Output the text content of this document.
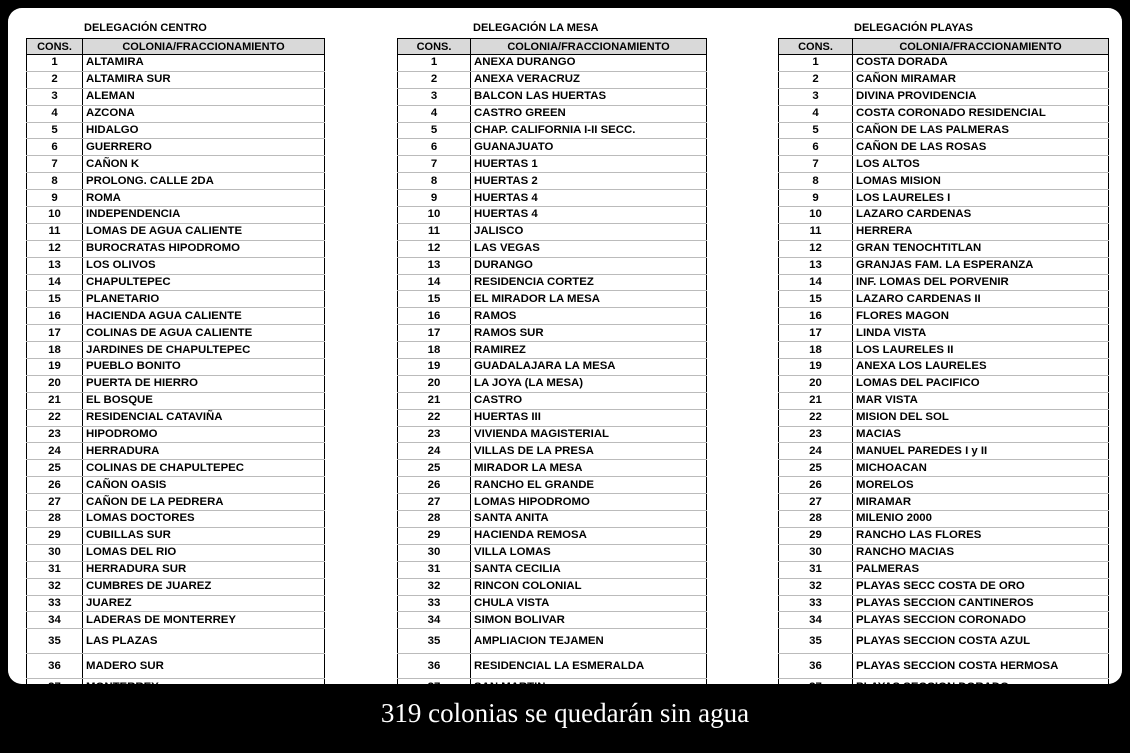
DELEGACIÓN CENTRO
CONS.	COLONIA/FRACCIONAMIENTO
1	ALTAMIRA
2	ALTAMIRA SUR
3	ALEMAN
4	AZCONA
5	HIDALGO
6	GUERRERO
7	CAÑON K
8	PROLONG. CALLE 2DA
9	ROMA
10	INDEPENDENCIA
11	LOMAS DE AGUA CALIENTE
12	BUROCRATAS HIPODROMO
13	LOS OLIVOS
14	CHAPULTEPEC
15	PLANETARIO
16	HACIENDA AGUA CALIENTE
17	COLINAS DE AGUA CALIENTE
18	JARDINES DE CHAPULTEPEC
19	PUEBLO BONITO
20	PUERTA DE HIERRO
21	EL BOSQUE
22	RESIDENCIAL CATAVIÑA
23	HIPODROMO
24	HERRADURA
25	COLINAS DE CHAPULTEPEC
26	CAÑON OASIS
27	CAÑON DE LA PEDRERA
28	LOMAS DOCTORES
29	CUBILLAS SUR
30	LOMAS DEL RIO
31	HERRADURA SUR
32	CUMBRES DE JUAREZ
33	JUAREZ
34	LADERAS DE MONTERREY
35	LAS PLAZAS
36	MADERO SUR
37	MONTERREY
DELEGACIÓN LA MESA
CONS.	COLONIA/FRACCIONAMIENTO
1	ANEXA DURANGO
2	ANEXA VERACRUZ
3	BALCON LAS HUERTAS
4	CASTRO GREEN
5	CHAP. CALIFORNIA I-II SECC.
6	GUANAJUATO
7	HUERTAS 1
8	HUERTAS 2
9	HUERTAS 4
10	HUERTAS 4
11	JALISCO
12	LAS VEGAS
13	DURANGO
14	RESIDENCIA CORTEZ
15	EL MIRADOR LA MESA
16	RAMOS
17	RAMOS SUR
18	RAMIREZ
19	GUADALAJARA LA MESA
20	LA JOYA (LA MESA)
21	CASTRO
22	HUERTAS III
23	VIVIENDA MAGISTERIAL
24	VILLAS DE LA PRESA
25	MIRADOR LA MESA
26	RANCHO EL GRANDE
27	LOMAS HIPODROMO
28	SANTA ANITA
29	HACIENDA REMOSA
30	VILLA LOMAS
31	SANTA CECILIA
32	RINCON COLONIAL
33	CHULA VISTA
34	SIMON BOLIVAR
35	AMPLIACION TEJAMEN
36	RESIDENCIAL LA ESMERALDA
37	SAN MARTIN
DELEGACIÓN PLAYAS
CONS.	COLONIA/FRACCIONAMIENTO
1	COSTA DORADA
2	CAÑON MIRAMAR
3	DIVINA PROVIDENCIA
4	COSTA CORONADO RESIDENCIAL
5	CAÑON DE LAS PALMERAS
6	CAÑON DE LAS ROSAS
7	LOS ALTOS
8	LOMAS MISION
9	LOS LAURELES I
10	LAZARO CARDENAS
11	HERRERA
12	GRAN TENOCHTITLAN
13	GRANJAS FAM. LA ESPERANZA
14	INF. LOMAS DEL PORVENIR
15	LAZARO CARDENAS II
16	FLORES MAGON
17	LINDA VISTA
18	LOS LAURELES II
19	ANEXA LOS LAURELES
20	LOMAS DEL PACIFICO
21	MAR VISTA
22	MISION DEL SOL
23	MACIAS
24	MANUEL PAREDES I y II
25	MICHOACAN
26	MORELOS
27	MIRAMAR
28	MILENIO 2000
29	RANCHO LAS FLORES
30	RANCHO MACIAS
31	PALMERAS
32	PLAYAS SECC COSTA DE ORO
33	PLAYAS SECCION CANTINEROS
34	PLAYAS SECCION CORONADO
35	PLAYAS SECCION COSTA AZUL
36	PLAYAS SECCION COSTA HERMOSA
37	PLAYAS SECCION DORADO
319 colonias se quedarán sin agua
